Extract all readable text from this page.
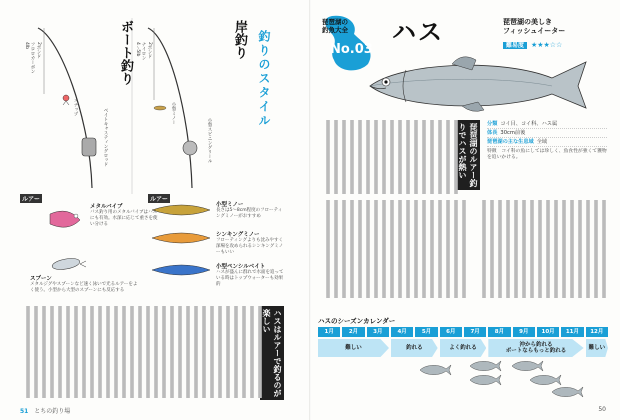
ボート釣り	岸釣り
2ポンド
フロロカーボン
4lb
スナップ
ベイトキャスティングロッド
2ポンド
ナイロン
4〜5lb
小型ミノー
小型スピニングリール
釣りのスタイル
ルアー	ルアー
メタルバイブ
バス釣り用のメタルバイブはハスにも有効。水深に応じて重さを使い分ける
スプーン
メタルジグやスプーンなど速く泳いで光るルアーをよく使う。小型から大型のスプーンにも反応する
小型ミノー
長さは5〜8cm程度のフローティングミノーがおすすめ
シンキングミノー
フローティングよりも沈みやすく深場を攻められるシンキングミノーもいい
小型ペンシルベイト
ハスが盛んに群れで水面を追っている時はトップウォーターも効果的
ハスはルアーで釣るのが楽しい
51 とちの釣り場
琵琶湖の
釣魚大全
No.03
ハス	琵琶湖の美しき
フィッシュイーター
難易度 ★★★☆☆
琵琶湖のルアー釣りでハスが熱い	分類 コイ目、コイ科、ハス属
体長 30cm前後
琵琶湖の主な生息域 全域
特徴　コイ科の魚にしては珍しく、魚食性が強くて獲物を追いかける。
ハスのシーズンカレンダー
1月	2月	3月	4月	5月	6月	7月	8月	9月	10月	11月	12月
難しい	釣れる	よく釣れる	沖から釣れる
ボートならもっと釣れる	難しい
50
